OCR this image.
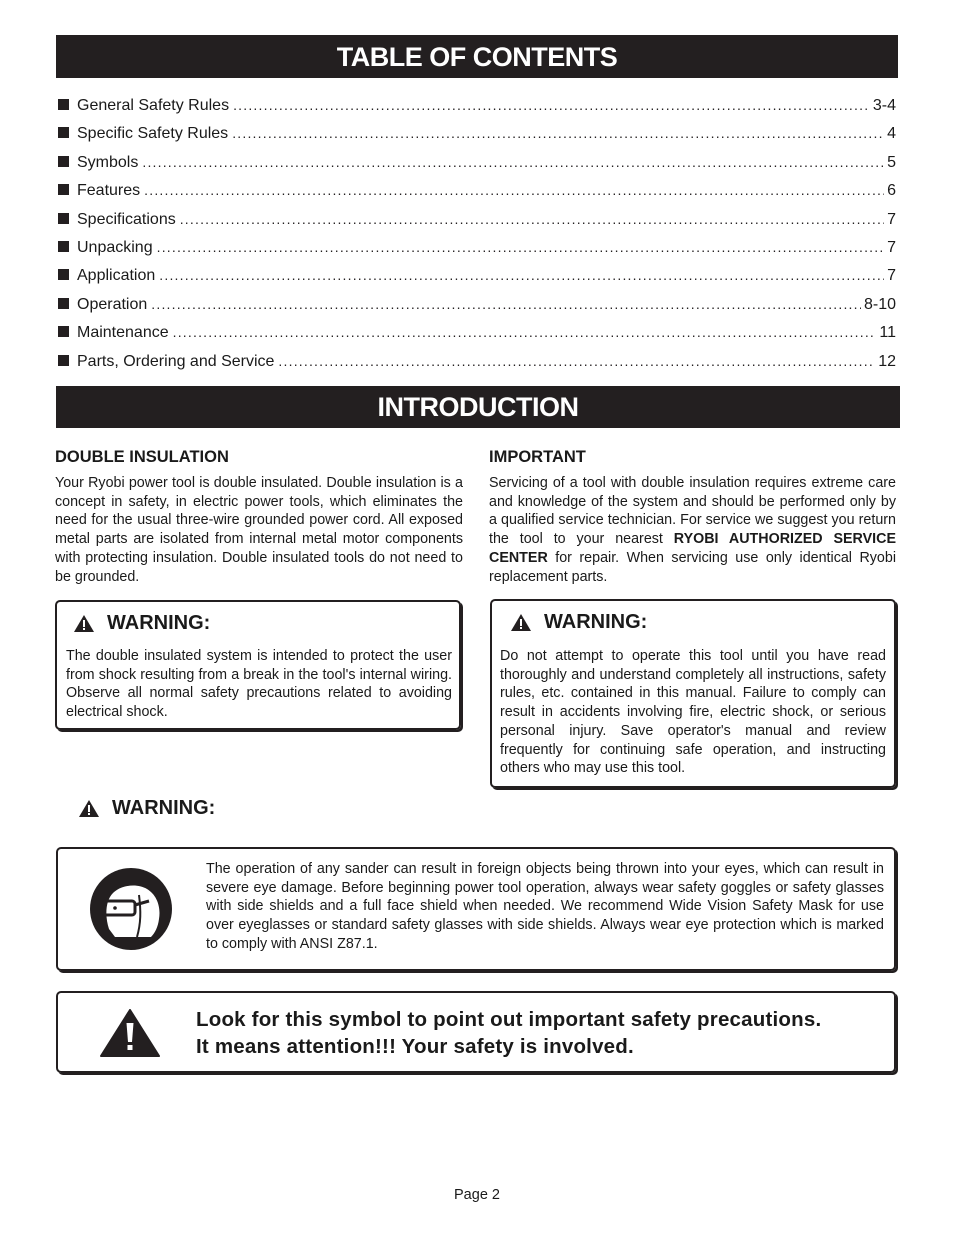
TABLE OF CONTENTS
General Safety Rules .....	3-4
Specific Safety Rules .....	4
Symbols .....	5
Features .....	6
Specifications .....	7
Unpacking .....	7
Application .....	7
Operation .....	8-10
Maintenance .....	11
Parts, Ordering and Service .....	12
INTRODUCTION
DOUBLE INSULATION
Your Ryobi power tool is double insulated. Double insulation is a concept in safety, in electric power tools, which eliminates the need for the usual three-wire grounded power cord. All exposed metal parts are isolated from internal metal motor components with protecting insulation. Double insulated tools do not need to be grounded.
IMPORTANT
Servicing of a tool with double insulation requires extreme care and knowledge of the system and should be performed only by a qualified service technician. For service we suggest you return the tool to your nearest RYOBI AUTHORIZED SERVICE CENTER for repair. When servicing use only identical Ryobi replacement parts.
WARNING:
The double insulated system is intended to protect the user from shock resulting from a break in the tool's internal wiring. Observe all normal safety precautions related to avoiding electrical shock.
WARNING:
Do not attempt to operate this tool until you have read thoroughly and understand completely all instructions, safety rules, etc. contained in this manual. Failure to comply can result in accidents involving fire, electric shock, or serious personal injury. Save operator's manual and review frequently for continuing safe operation, and instructing others who may use this tool.
WARNING:
The operation of any sander can result in foreign objects being thrown into your eyes, which can result in severe eye damage. Before beginning power tool operation, always wear safety goggles or safety glasses with side shields and a full face shield when needed. We recommend Wide Vision Safety Mask for use over eyeglasses or standard safety glasses with side shields. Always wear eye protection which is marked to comply with ANSI Z87.1.
Look for this symbol to point out important safety precautions.
It means attention!!! Your safety is involved.
Page 2
